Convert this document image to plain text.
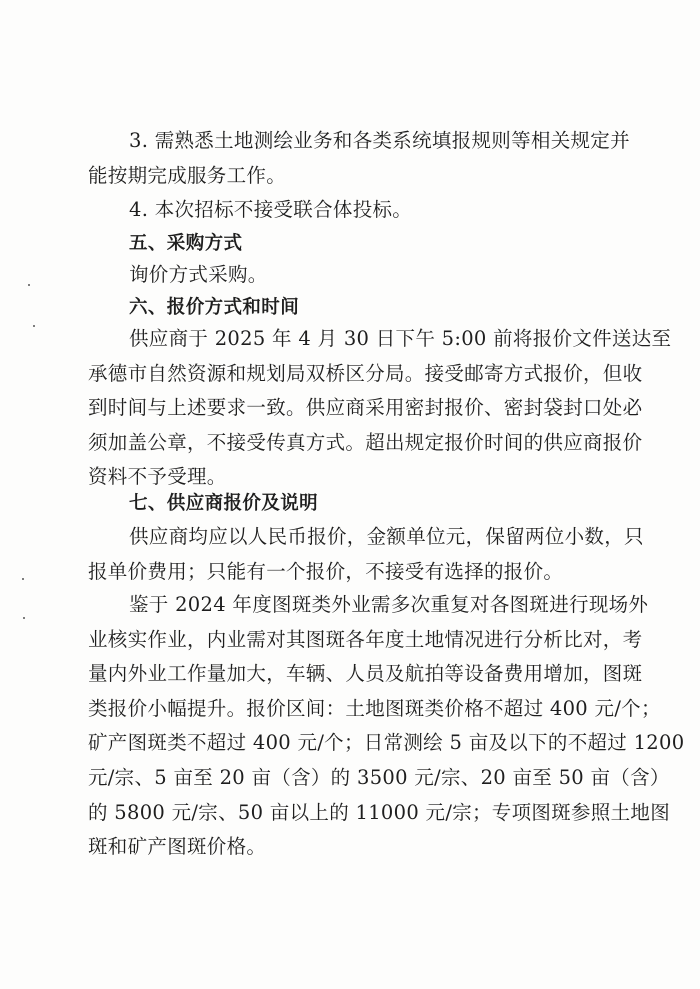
3. 需熟悉土地测绘业务和各类系统填报规则等相关规定并
能按期完成服务工作。
4. 本次招标不接受联合体投标。
五、采购方式
询价方式采购。
六、报价方式和时间
供应商于 2025 年 4 月 30 日下午 5:00 前将报价文件送达至
承德市自然资源和规划局双桥区分局。接受邮寄方式报价，但收
到时间与上述要求一致。供应商采用密封报价、密封袋封口处必
须加盖公章，不接受传真方式。超出规定报价时间的供应商报价
资料不予受理。
七、供应商报价及说明
供应商均应以人民币报价，金额单位元，保留两位小数，只
报单价费用；只能有一个报价，不接受有选择的报价。
鉴于 2024 年度图斑类外业需多次重复对各图斑进行现场外
业核实作业，内业需对其图斑各年度土地情况进行分析比对，考
量内外业工作量加大，车辆、人员及航拍等设备费用增加，图斑
类报价小幅提升。报价区间：土地图斑类价格不超过 400 元/个；
矿产图斑类不超过 400 元/个；日常测绘 5 亩及以下的不超过 1200
元/宗、5 亩至 20 亩（含）的 3500 元/宗、20 亩至 50 亩（含）
的 5800 元/宗、50 亩以上的 11000 元/宗；专项图斑参照土地图
斑和矿产图斑价格。
